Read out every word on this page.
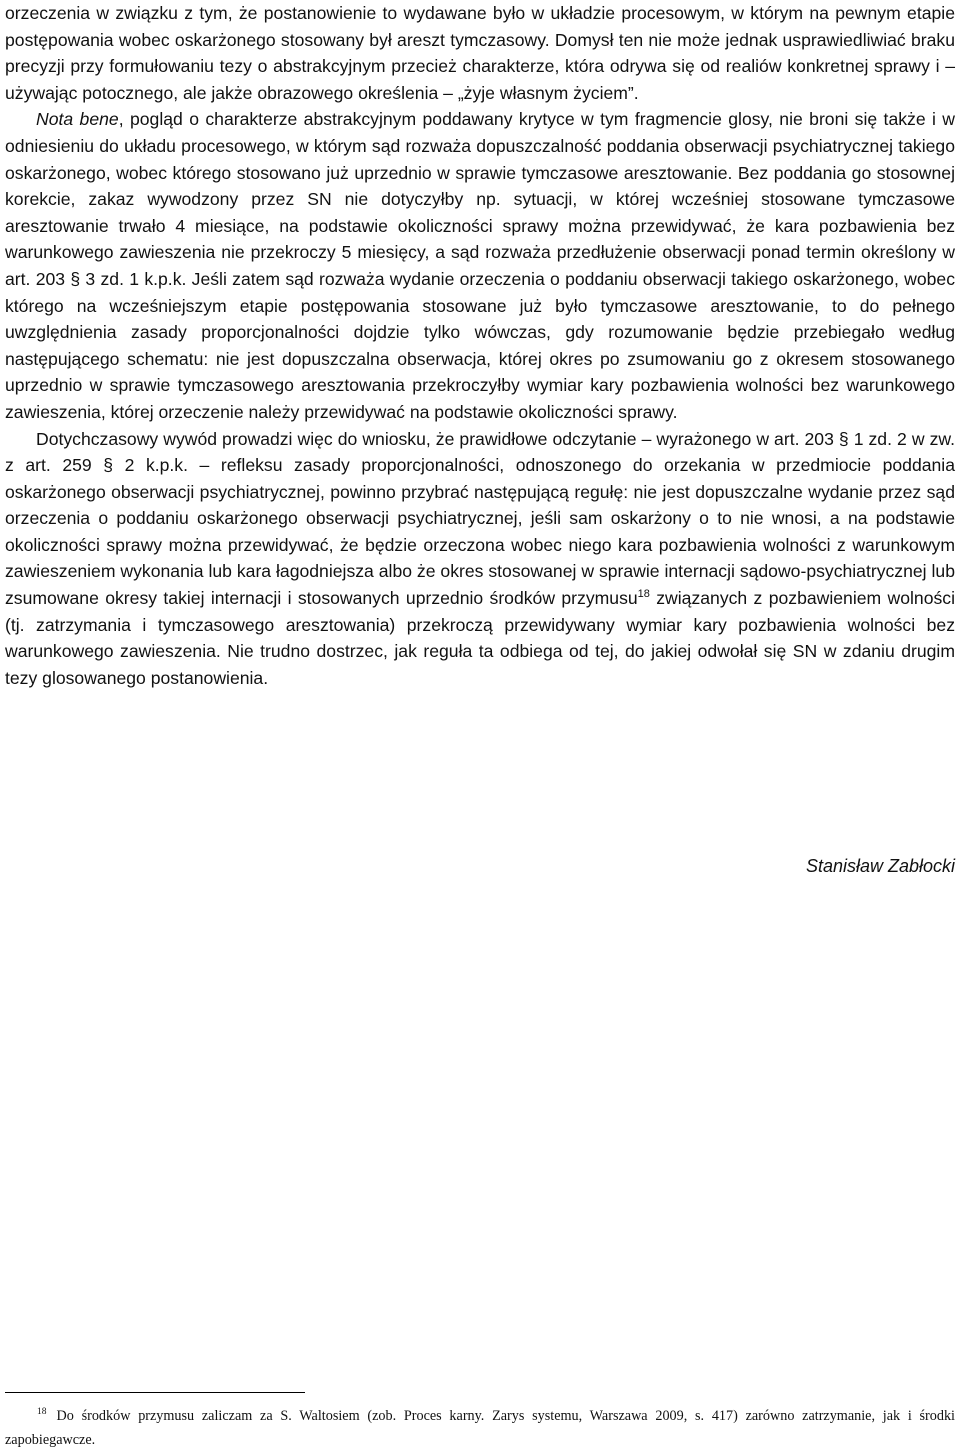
orzeczenia w związku z tym, że postanowienie to wydawane było w układzie procesowym, w którym na pewnym etapie postępowania wobec oskarżonego stosowany był areszt tymczasowy. Domysł ten nie może jednak usprawiedliwiać braku precyzji przy formułowaniu tezy o abstrakcyjnym przecież charakterze, która odrywa się od realiów konkretnej sprawy i – używając potocznego, ale jakże obrazowego określenia – „żyje własnym życiem”.

Nota bene, pogląd o charakterze abstrakcyjnym poddawany krytyce w tym fragmencie glosy, nie broni się także i w odniesieniu do układu procesowego, w którym sąd rozważa dopuszczalność poddania obserwacji psychiatrycznej takiego oskarżonego, wobec którego stosowano już uprzednio w sprawie tymczasowe aresztowanie. Bez poddania go stosownej korekcie, zakaz wywodzony przez SN nie dotyczyłby np. sytuacji, w której wcześniej stosowane tymczasowe aresztowanie trwało 4 miesiące, na podstawie okoliczności sprawy można przewidywać, że kara pozbawienia bez warunkowego zawieszenia nie przekroczy 5 miesięcy, a sąd rozważa przedłużenie obserwacji ponad termin określony w art. 203 § 3 zd. 1 k.p.k. Jeśli zatem sąd rozważa wydanie orzeczenia o poddaniu obserwacji takiego oskarżonego, wobec którego na wcześniejszym etapie postępowania stosowane już było tymczasowe aresztowanie, to do pełnego uwzględnienia zasady proporcjonalności dojdzie tylko wówczas, gdy rozumowanie będzie przebiegało według następującego schematu: nie jest dopuszczalna obserwacja, której okres po zsumowaniu go z okresem stosowanego uprzednio w sprawie tymczasowego aresztowania przekroczyłby wymiar kary pozbawienia wolności bez warunkowego zawieszenia, której orzeczenie należy przewidywać na podstawie okoliczności sprawy.

Dotychczasowy wywód prowadzi więc do wniosku, że prawidłowe odczytanie – wyrażonego w art. 203 § 1 zd. 2 w zw. z art. 259 § 2 k.p.k. – refleksu zasady proporcjonalności, odnoszonego do orzekania w przedmiocie poddania oskarżonego obserwacji psychiatrycznej, powinno przybrać następującą regułę: nie jest dopuszczalne wydanie przez sąd orzeczenia o poddaniu oskarżonego obserwacji psychiatrycznej, jeśli sam oskarżony o to nie wnosi, a na podstawie okoliczności sprawy można przewidywać, że będzie orzeczona wobec niego kara pozbawienia wolności z warunkowym zawieszeniem wykonania lub kara łagodniejsza albo że okres stosowanej w sprawie internacji sądowo-psychiatrycznej lub zsumowane okresy takiej internacji i stosowanych uprzednio środków przymusu$^{18}$ związanych z pozbawieniem wolności (tj. zatrzymania i tymczasowego aresztowania) przekroczą przewidywany wymiar kary pozbawienia wolności bez warunkowego zawieszenia. Nie trudno dostrzec, jak reguła ta odbiega od tej, do jakiej odwołał się SN w zdaniu drugim tezy glosowanego postanowienia.

Stanisław Zabłocki

$^{18}$ Do środków przymusu zaliczam za S. Waltosiem (zob. Proces karny. Zarys systemu, Warszawa 2009, s. 417) zarówno zatrzymanie, jak i środki zapobiegawcze.
